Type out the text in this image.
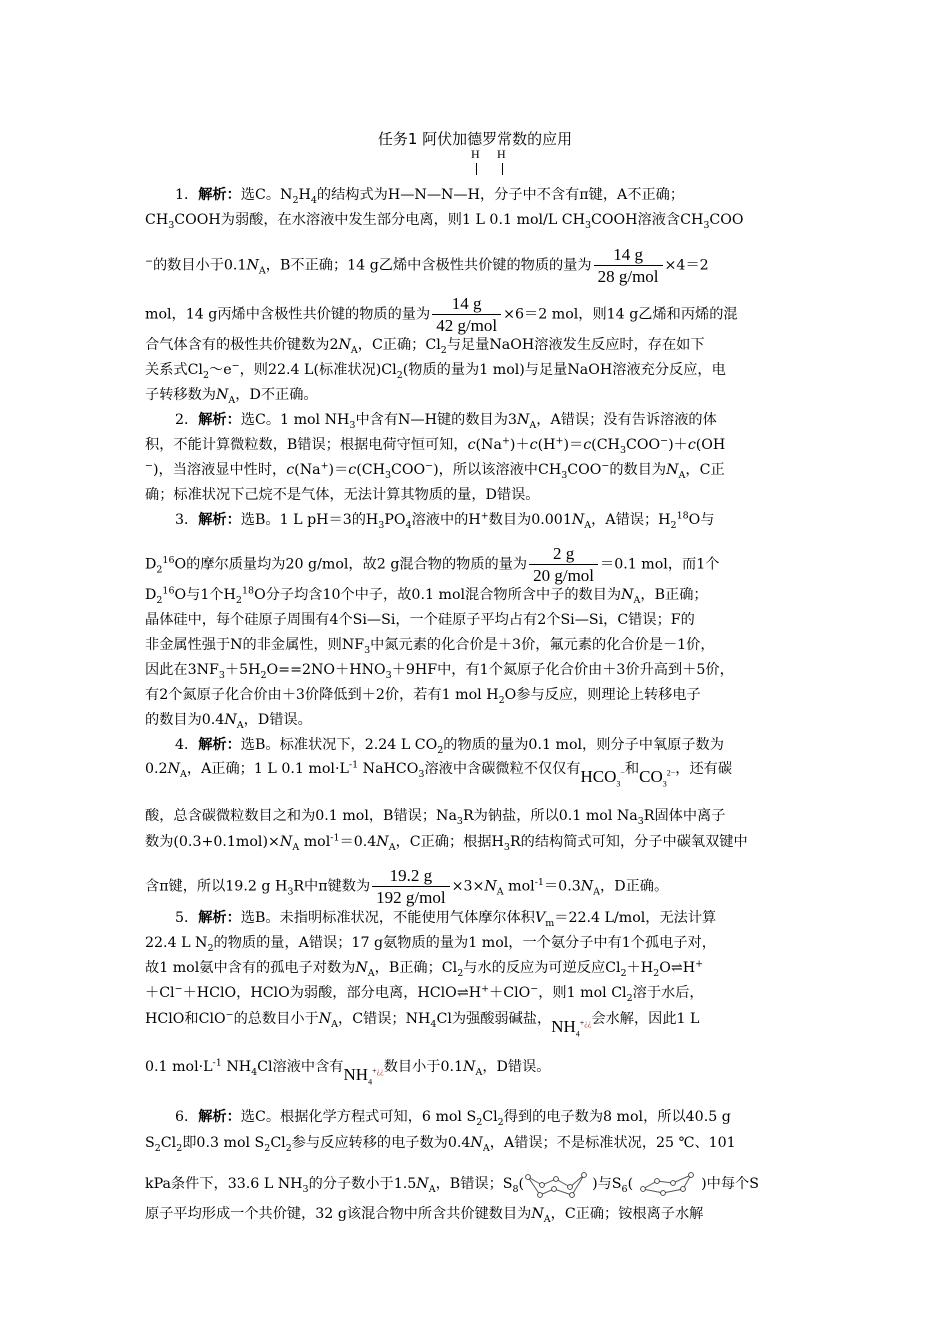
任务1 阿伏加德罗常数的应用
H H
1．解析：选C。$N_2H_4$的结构式为H—N—N—H，分子中不含有π键，A不正确；
$CH_3COOH$为弱酸，在水溶液中发生部分电离，则1 L 0.1 mol/L $CH_3COOH$溶液含$CH_3COO$
−的数目小于$0.1N_A$，B不正确；14 g乙烯中含极性共价键的物质的量为 $\frac{14 g}{\text{28 g/mol}} \times 4=2$
mol，14 g丙烯中含极性共价键的物质的量为 $\frac{14 g}{\text{42 g/mol}} \times 6=2$ mol，则14 g乙烯和丙烯的混
合气体含有的极性共价键数为$2N_A$，C正确；$Cl_2$与足量NaOH溶液发生反应时，存在如下
关系式$Cl_2\sim e^-$，则22.4 L(标准状况)$Cl_2$(物质的量为1 mol)与足量NaOH溶液充分反应，电
子转移数为$N_A$，D不正确。
2．解析：选C。1 mol $NH_3$中含有N—H键的数目为$3N_A$，A错误；没有告诉溶液的体
积，不能计算微粒数，B错误；根据电荷守恒可知，$c(Na^+)+c(H^+)=c(CH_3COO^-)+c(OH$
−)，当溶液显中性时，$c(Na^+)=c(CH_3COO^-)$，所以该溶液中$CH_3COO^-$的数目为$N_A$，C正
确；标准状况下己烷不是气体，无法计算其物质的量，D错误。
3．解析：选B。1 L pH＝3的$H_3PO_4$溶液中的H+数目为$0.001N_A$，A错误；$H_2^{18}O$与
$D_2^{16}O$的摩尔质量均为20 g/mol，故2 g混合物的物质的量为 $\frac{2 g}{\text{20 g/mol}} =0.1$ mol，而1个
$D_2^{16}O$与1个$H_2^{18}O$分子均含10个中子，故0.1 mol混合物所含中子的数目为$N_A$，B正确；
晶体硅中，每个硅原子周围有4个Si—Si，一个硅原子平均占有2个Si—Si，C错误；F的
非金属性强于N的非金属性，则$NF_3$中氮元素的化合价是＋3价，氟元素的化合价是－1价，
因此在$3NF_3+5H_2O==2NO+HNO_3+9HF$中，有1个氮原子化合价由＋3价升高到＋5价，
有2个氮原子化合价由＋3价降低到＋2价，若有1 mol $H_2O$参与反应，则理论上转移电子
的数目为$0.4N_A$，D错误。
4．解析：选B。标准状况下，2.24 L $CO_2$的物质的量为0.1 mol，则分子中氧原子数为
$0.2N_A$，A正确；1 L 0.1 $mol\cdot L^{-1}$ NaHCO$_3$溶液中含碳微粒不仅仅有$HCO_3^-$和$CO_3^{2-}$，还有碳
酸，总含碳微粒数目之和为0.1 mol，B错误；$Na_3R$为钠盐，所以0.1 mol $Na_3R$固体中离子
数为$(0.3+0.1mol)\times N_A$ $mol^{-1}=0.4N_A$，C正确；根据$H_3R$的结构简式可知，分子中碳氧双键中
含π键，所以19.2 g $H_3R$中π键数为 $\frac{19.2 g}{\text{192 g/mol}} \times 3\times N_A$ $mol^{-1}=0.3N_A$，D正确。
5．解析：选B。未指明标准状况，不能使用气体摩尔体积$V_m=22.4$ L/mol，无法计算
22.4 L $N_2$的物质的量，A错误；17 g氨物质的量为1 mol，一个氨分子中有1个孤电子对，
故1 mol氨中含有的孤电子对数为$N_A$，B正确；$Cl_2$与水的反应为可逆反应$Cl_2+H_2O\rightleftharpoons H^+$
＋Cl−＋HClO，HClO为弱酸，部分电离，HClO⇌H+＋ClO−，则1 mol $Cl_2$溶于水后，
HClO和ClO−的总数目小于$N_A$，C错误；$NH_4Cl$为强酸弱碱盐，$NH_4^{+¿¿}$会水解，因此1 L
0.1 $mol\cdot L^{-1}$ $NH_4Cl$溶液中含有$NH_4^{+¿¿}$数目小于$0.1N_A$，D错误。
6．解析：选C。根据化学方程式可知，6 mol $S_2Cl_2$得到的电子数为8 mol，所以40.5 g
$S_2Cl_2$即0.3 mol $S_2Cl_2$参与反应转移的电子数为$0.4N_A$，A错误；不是标准状况，25 ℃、101
kPa条件下，33.6 L $NH_3$的分子数小于$1.5N_A$，B错误；$S_8$(	)与$S_6$(	)中每个S
原子平均形成一个共价键，32 g该混合物中所含共价键数目为$N_A$，C正确；铵根离子水解
